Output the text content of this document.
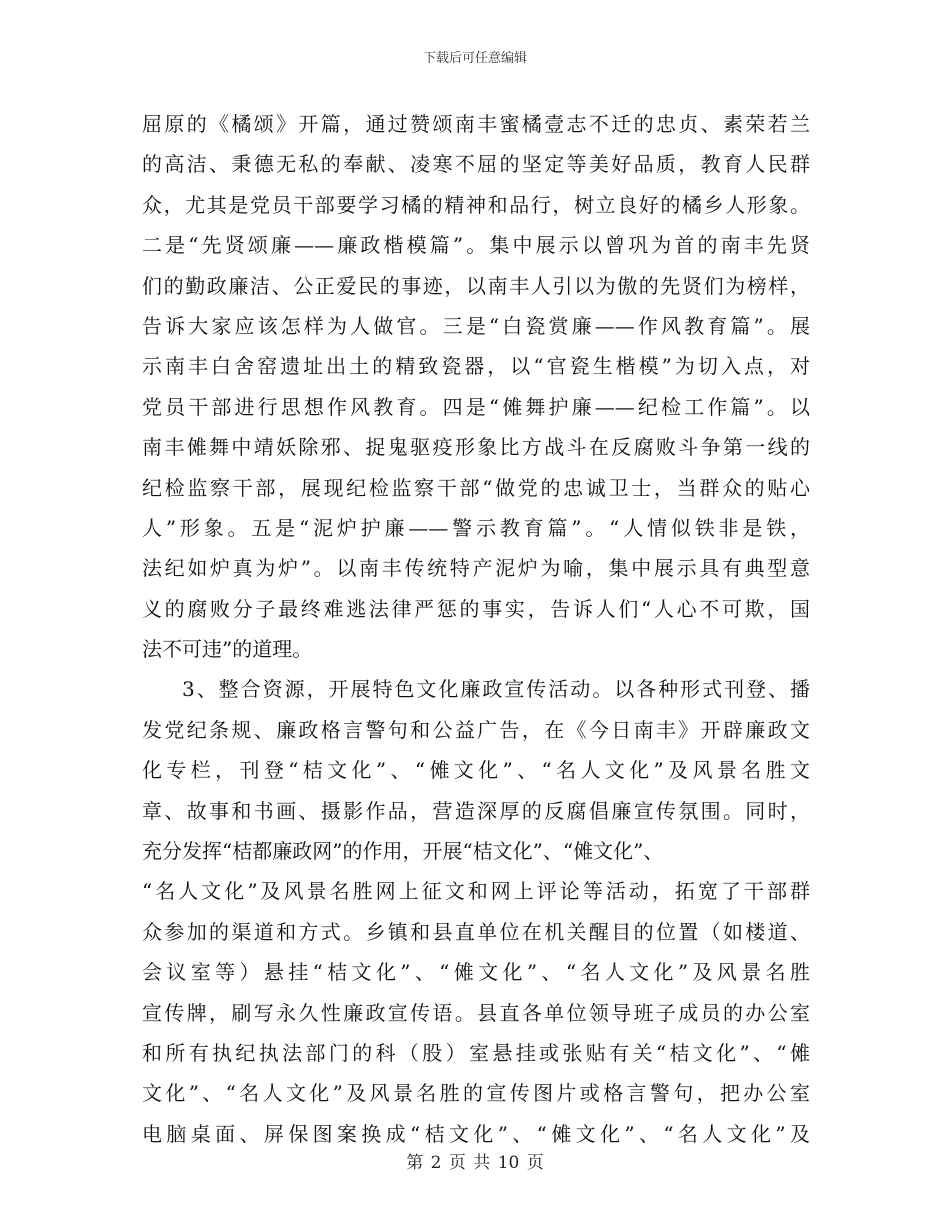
下载后可任意编辑
屈原的《橘颂》开篇，通过赞颂南丰蜜橘壹志不迁的忠贞、素荣若兰
的高洁、秉德无私的奉献、凌寒不屈的坚定等美好品质，教育人民群
众，尤其是党员干部要学习橘的精神和品行，树立良好的橘乡人形象。
二是“先贤颂廉——廉政楷模篇”。集中展示以曾巩为首的南丰先贤
们的勤政廉洁、公正爱民的事迹，以南丰人引以为傲的先贤们为榜样，
告诉大家应该怎样为人做官。三是“白瓷赏廉——作风教育篇”。展
示南丰白舍窑遗址出土的精致瓷器，以“官瓷生楷模”为切入点，对
党员干部进行思想作风教育。四是“傩舞护廉——纪检工作篇”。以
南丰傩舞中靖妖除邪、捉鬼驱疫形象比方战斗在反腐败斗争第一线的
纪检监察干部，展现纪检监察干部“做党的忠诚卫士，当群众的贴心
人”形象。五是“泥炉护廉——警示教育篇”。“人情似铁非是铁，
法纪如炉真为炉”。以南丰传统特产泥炉为喻，集中展示具有典型意
义的腐败分子最终难逃法律严惩的事实，告诉人们“人心不可欺，国
法不可违”的道理。
3、整合资源，开展特色文化廉政宣传活动。以各种形式刊登、播
发党纪条规、廉政格言警句和公益广告，在《今日南丰》开辟廉政文
化专栏，刊登“桔文化”、“傩文化”、“名人文化”及风景名胜文
章、故事和书画、摄影作品，营造深厚的反腐倡廉宣传氛围。同时，
充分发挥“桔都廉政网”的作用，开展“桔文化”、“傩文化”、
“名人文化”及风景名胜网上征文和网上评论等活动，拓宽了干部群
众参加的渠道和方式。乡镇和县直单位在机关醒目的位置（如楼道、
会议室等）悬挂“桔文化”、“傩文化”、“名人文化”及风景名胜
宣传牌，刷写永久性廉政宣传语。县直各单位领导班子成员的办公室
和所有执纪执法部门的科（股）室悬挂或张贴有关“桔文化”、“傩
文化”、“名人文化”及风景名胜的宣传图片或格言警句，把办公室
电脑桌面、屏保图案换成“桔文化”、“傩文化”、“名人文化”及
第 2 页 共 10 页
